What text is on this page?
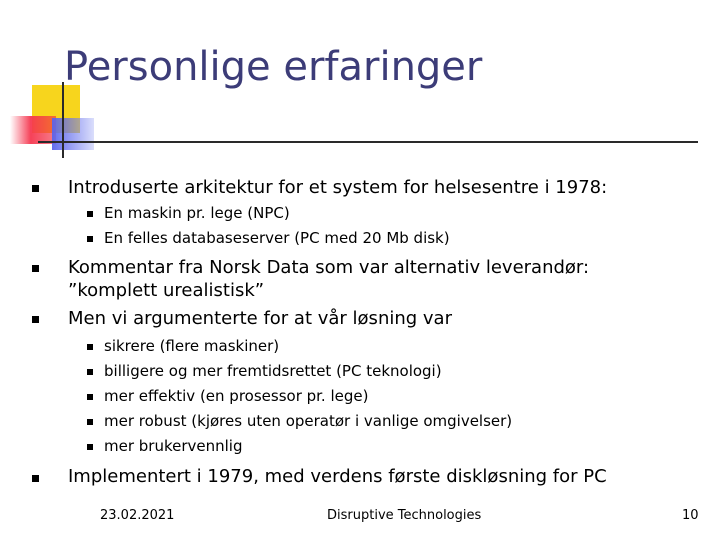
Personlige erfaringer
Introduserte arkitektur for et system for helsesentre i 1978:
En maskin pr. lege (NPC)
En felles databaseserver (PC med 20 Mb disk)
Kommentar fra Norsk Data som var alternativ leverandør:
”komplett urealistisk”
Men vi argumenterte for at vår løsning var
sikrere (flere maskiner)
billigere og mer fremtidsrettet (PC teknologi)
mer effektiv (en prosessor pr. lege)
mer robust (kjøres uten operatør i vanlige omgivelser)
mer brukervennlig
Implementert i 1979, med verdens første diskløsning for PC
23.02.2021	Disruptive Technologies	10
